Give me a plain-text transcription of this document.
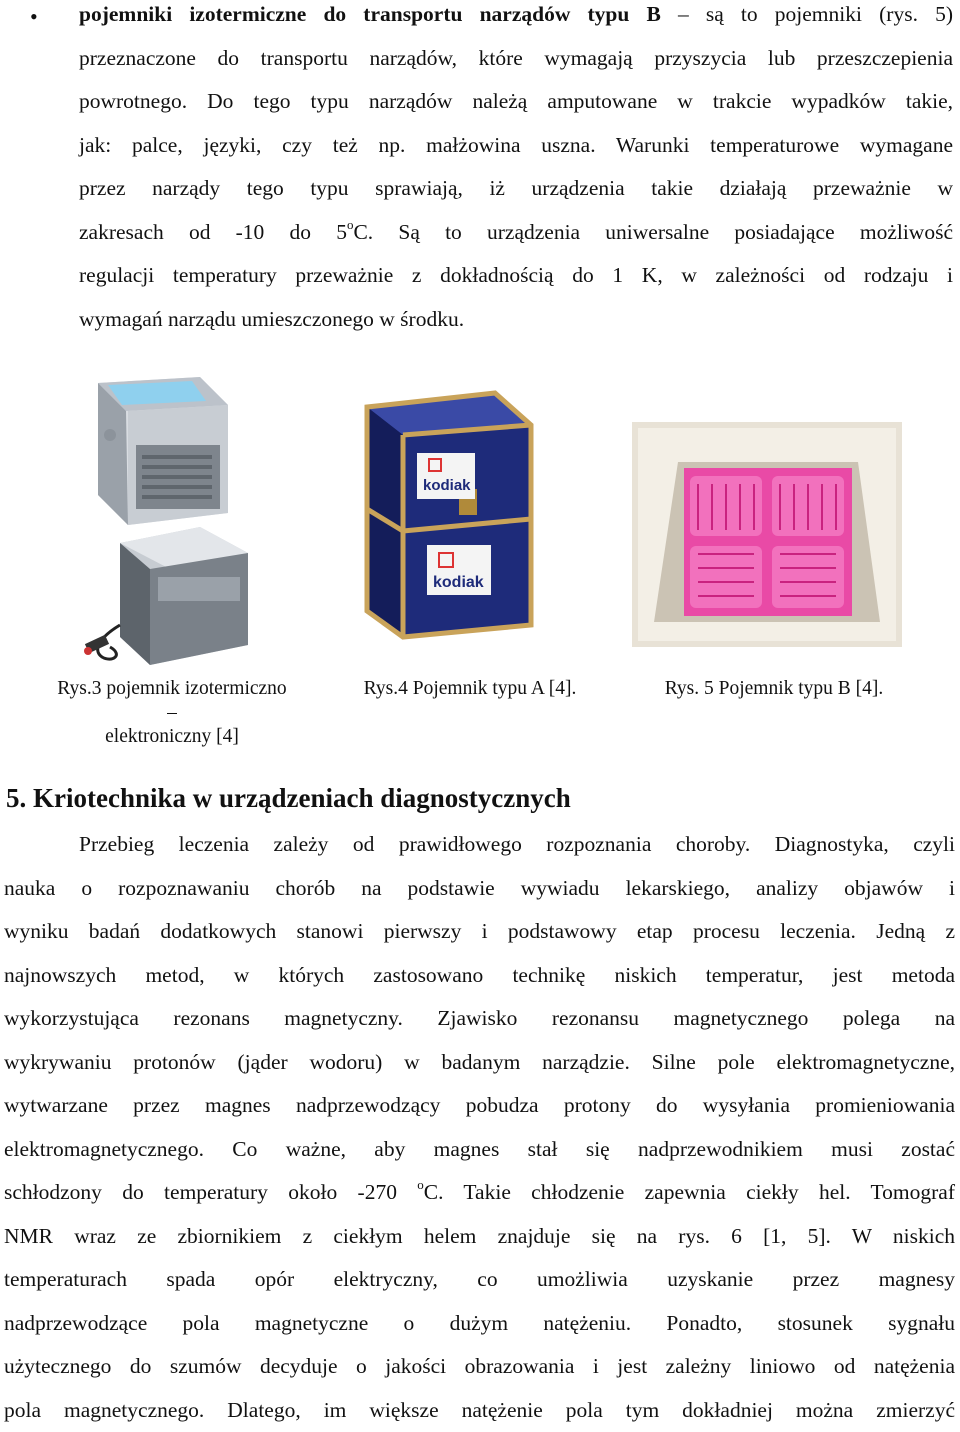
• pojemniki izotermiczne do transportu narządów typu B – są to pojemniki (rys. 5)
przeznaczone do transportu narządów, które wymagają przyszycia lub przeszczepienia
powrotnego. Do tego typu narządów należą amputowane w trakcie wypadków takie,
jak: palce, języki, czy też np. małżowina uszna. Warunki temperaturowe wymagane
przez narządy tego typu sprawiają, iż urządzenia takie działają przeważnie w
zakresach od -10 do 5$^o$C. Są to urządzenia uniwersalne posiadające możliwość
regulacji temperatury przeważnie z dokładnością do 1 K, w zależności od rodzaju i
wymagań narządu umieszczonego w środku.
Rys.3 pojemnik izotermiczno –
elektroniczny [4]
kodiak
kodiak
Rys.4 Pojemnik typu A [4].	Rys. 5 Pojemnik typu B [4].
5. Kriotechnika w urządzeniach diagnostycznych
Przebieg leczenia zależy od prawidłowego rozpoznania choroby. Diagnostyka, czyli
nauka o rozpoznawaniu chorób na podstawie wywiadu lekarskiego, analizy objawów i
wyniku badań dodatkowych stanowi pierwszy i podstawowy etap procesu leczenia. Jedną z
najnowszych metod, w których zastosowano technikę niskich temperatur, jest metoda
wykorzystująca rezonans magnetyczny. Zjawisko rezonansu magnetycznego polega na
wykrywaniu protonów (jąder wodoru) w badanym narządzie. Silne pole elektromagnetyczne,
wytwarzane przez magnes nadprzewodzący pobudza protony do wysyłania promieniowania
elektromagnetycznego. Co ważne, aby magnes stał się nadprzewodnikiem musi zostać
schłodzony do temperatury około -270 $^o$C. Takie chłodzenie zapewnia ciekły hel. Tomograf
NMR wraz ze zbiornikiem z ciekłym helem znajduje się na rys. 6 [1, 5]. W niskich
temperaturach spada opór elektryczny, co umożliwia uzyskanie przez magnesy
nadprzewodzące pola magnetyczne o dużym natężeniu. Ponadto, stosunek sygnału
użytecznego do szumów decyduje o jakości obrazowania i jest zależny liniowo od natężenia
pola magnetycznego. Dlatego, im większe natężenie pola tym dokładniej można zmierzyć
